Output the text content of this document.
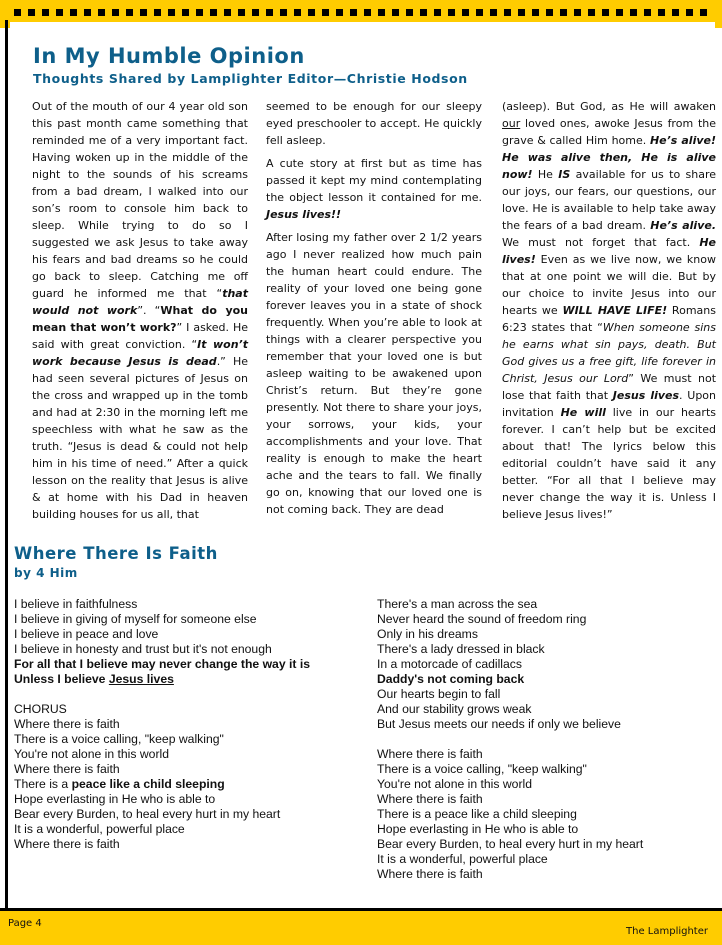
In My Humble Opinion
Thoughts Shared by Lamplighter Editor—Christie Hodson

Out of the mouth of our 4 year old son this past month came something that reminded me of a very important fact. Having woken up in the middle of the night to the sounds of his screams from a bad dream, I walked into our son’s room to console him back to sleep. While trying to do so I suggested we ask Jesus to take away his fears and bad dreams so he could go back to sleep. Catching me off guard he informed me that “that would not work”. “What do you mean that won’t work?” I asked. He said with great conviction. “It won’t work because Jesus is dead.” He had seen several pictures of Jesus on the cross and wrapped up in the tomb and had at 2:30 in the morning left me speechless with what he saw as the truth. “Jesus is dead & could not help him in his time of need.” After a quick lesson on the reality that Jesus is alive & at home with his Dad in heaven building houses for us all, that

seemed to be enough for our sleepy eyed preschooler to accept. He quickly fell asleep.

A cute story at first but as time has passed it kept my mind contemplating the object lesson it contained for me. Jesus lives!!

After losing my father over 2 1/2 years ago I never realized how much pain the human heart could endure. The reality of your loved one being gone forever leaves you in a state of shock frequently. When you’re able to look at things with a clearer perspective you remember that your loved one is but asleep waiting to be awakened upon Christ’s return. But they’re gone presently. Not there to share your joys, your sorrows, your kids, your accomplishments and your love. That reality is enough to make the heart ache and the tears to fall. We finally go on, knowing that our loved one is not coming back. They are dead

(asleep). But God, as He will awaken our loved ones, awoke Jesus from the grave & called Him home. He’s alive! He was alive then, He is alive now! He IS available for us to share our joys, our fears, our questions, our love. He is available to help take away the fears of a bad dream. He’s alive. We must not forget that fact. He lives! Even as we live now, we know that at one point we will die. But by our choice to invite Jesus into our hearts we WILL HAVE LIFE! Romans 6:23 states that “When someone sins he earns what sin pays, death. But God gives us a free gift, life forever in Christ, Jesus our Lord” We must not lose that faith that Jesus lives. Upon invitation He will live in our hearts forever. I can’t help but be excited about that! The lyrics below this editorial couldn’t have said it any better. “For all that I believe may never change the way it is. Unless I believe Jesus lives!”

Where There Is Faith
by 4 Him
I believe in faithfulness
I believe in giving of myself for someone else
I believe in peace and love
I believe in honesty and trust but it's not enough
For all that I believe may never change the way it is
Unless I believe Jesus lives
CHORUS
Where there is faith
There is a voice calling, "keep walking"
You're not alone in this world
Where there is faith
There is a peace like a child sleeping
Hope everlasting in He who is able to
Bear every Burden, to heal every hurt in my heart
It is a wonderful, powerful place
Where there is faith
There's a man across the sea
Never heard the sound of freedom ring
Only in his dreams
There's a lady dressed in black
In a motorcade of cadillacs
Daddy's not coming back
Our hearts begin to fall
And our stability grows weak
But Jesus meets our needs if only we believe
Where there is faith
There is a voice calling, "keep walking"
You're not alone in this world
Where there is faith
There is a peace like a child sleeping
Hope everlasting in He who is able to
Bear every Burden, to heal every hurt in my heart
It is a wonderful, powerful place
Where there is faith
Page 4
The Lamplighter
